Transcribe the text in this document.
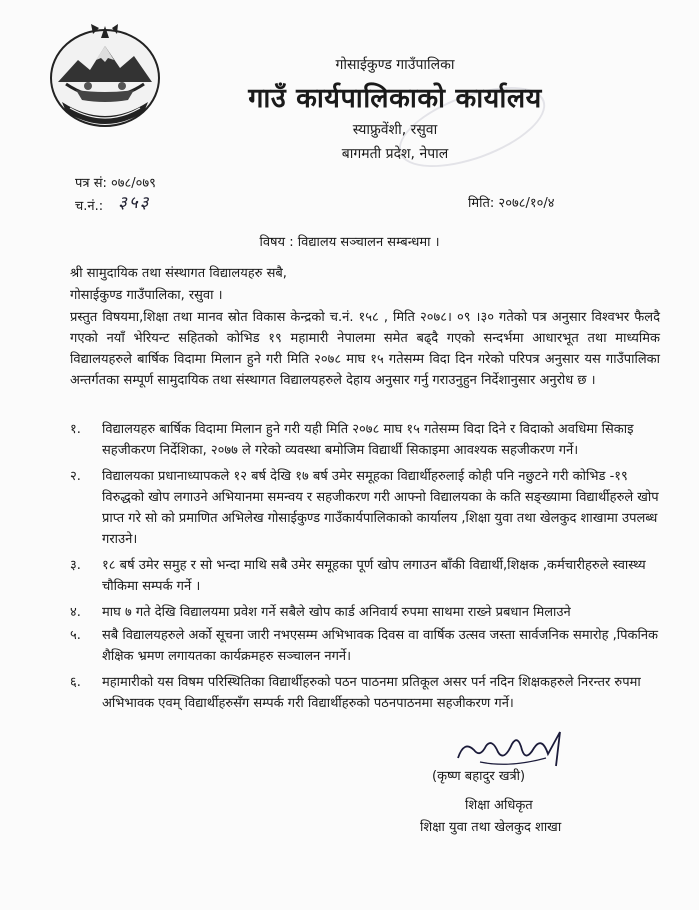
गोसाईकुण्ड गाउँपालिका
गाउँ कार्यपालिकाको कार्यालय
स्याफ्रुवेंशी, रसुवा
बागमती प्रदेश, नेपाल
पत्र सं: ०७८/०७९
च.नं.: ३५३	मिति: २०७८/१०/४
विषय : विद्यालय सञ्चालन सम्बन्धमा ।
श्री सामुदायिक तथा संस्थागत विद्यालयहरु सबै,
गोसाईकुण्ड गाउँपालिका, रसुवा ।
प्रस्तुत विषयमा,शिक्षा तथा मानव स्रोत विकास केन्द्रको च.नं. १५८ , मिति २०७८। ०९ ।३० गतेको पत्र अनुसार विश्वभर फैलदै गएको नयाँ भेरियन्ट सहितको कोभिड १९ महामारी नेपालमा समेत बढ्दै गएको सन्दर्भमा आधारभूत तथा माध्यमिक विद्यालयहरुले बार्षिक विदामा मिलान हुने गरी मिति २०७८ माघ १५ गतेसम्म विदा दिन गरेको परिपत्र अनुसार यस गाउँपालिका अन्तर्गतका सम्पूर्ण सामुदायिक तथा संस्थागत विद्यालयहरुले देहाय अनुसार गर्नु गराउनुहुन निर्देशानुसार अनुरोध छ ।
१. विद्यालयहरु बार्षिक विदामा मिलान हुने गरी यही मिति २०७८ माघ १५ गतेसम्म विदा दिने र विदाको अवधिमा सिकाइ सहजीकरण निर्देशिका, २०७७ ले गरेको व्यवस्था बमोजिम विद्यार्थी सिकाइमा आवश्यक सहजीकरण गर्ने।
२. विद्यालयका प्रधानाध्यापकले १२ बर्ष देखि १७ बर्ष उमेर समूहका विद्यार्थीहरुलाई कोही पनि नछुटने गरी कोभिड -१९ विरुद्धको खोप लगाउने अभियानमा समन्वय र सहजीकरण गरी आफ्नो विद्यालयका के कति सङ्ख्यामा विद्यार्थीहरुले खोप प्राप्त गरे सो को प्रमाणित अभिलेख गोसाईकुण्ड गाउँकार्यपालिकाको कार्यालय ,शिक्षा युवा तथा खेलकुद शाखामा उपलब्ध गराउने।
३. १८ बर्ष उमेर समुह र सो भन्दा माथि सबै उमेर समूहका पूर्ण खोप लगाउन बाँकी विद्यार्थी,शिक्षक ,कर्मचारीहरुले स्वास्थ्य चौकिमा सम्पर्क गर्ने ।
४. माघ ७ गते देखि विद्यालयमा प्रवेश गर्ने सबैले खोप कार्ड अनिवार्य रुपमा साथमा राख्ने प्रबधान मिलाउने
५. सबै विद्यालयहरुले अर्को सूचना जारी नभएसम्म अभिभावक दिवस वा वार्षिक उत्सव जस्ता सार्वजनिक समारोह ,पिकनिक शैक्षिक भ्रमण लगायतका कार्यक्रमहरु सञ्चालन नगर्ने।
६. महामारीको यस विषम परिस्थितिका विद्यार्थीहरुको पठन पाठनमा प्रतिकूल असर पर्न नदिन शिक्षकहरुले निरन्तर रुपमा अभिभावक एवम् विद्यार्थीहरुसँग सम्पर्क गरी विद्यार्थीहरुको पठनपाठनमा सहजीकरण गर्ने।
(कृष्ण बहादुर खत्री)
शिक्षा अधिकृत
शिक्षा युवा तथा खेलकुद शाखा
